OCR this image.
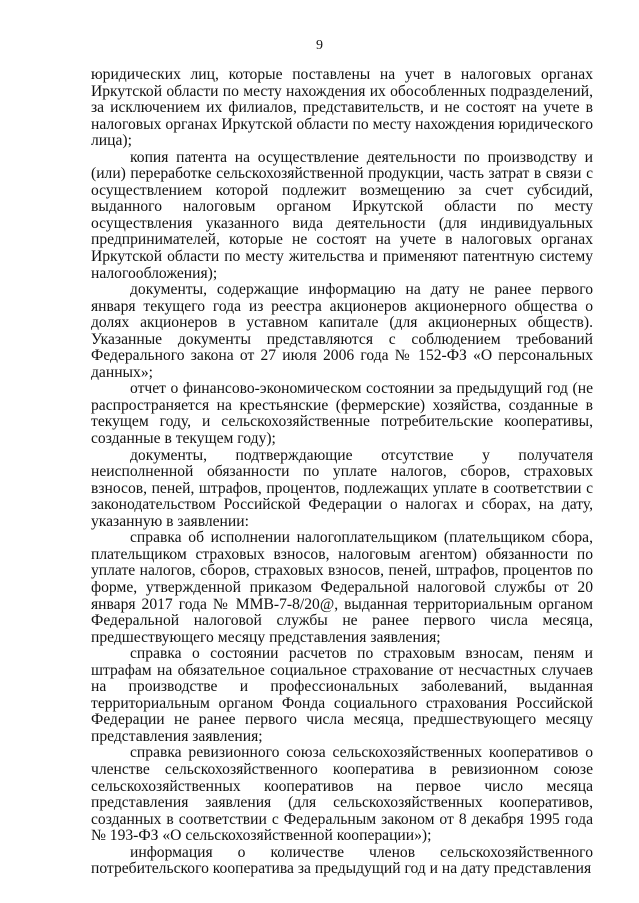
9

юридических лиц, которые поставлены на учет в налоговых органах Иркутской области по месту нахождения их обособленных подразделений, за исключением их филиалов, представительств, и не состоят на учете в налоговых органах Иркутской области по месту нахождения юридического лица);

копия патента на осуществление деятельности по производству и (или) переработке сельскохозяйственной продукции, часть затрат в связи с осуществлением которой подлежит возмещению за счет субсидий, выданного налоговым органом Иркутской области по месту осуществления указанного вида деятельности (для индивидуальных предпринимателей, которые не состоят на учете в налоговых органах Иркутской области по месту жительства и применяют патентную систему налогообложения);

документы, содержащие информацию на дату не ранее первого января текущего года из реестра акционеров акционерного общества о долях акционеров в уставном капитале (для акционерных обществ). Указанные документы представляются с соблюдением требований Федерального закона от 27 июля 2006 года № 152-ФЗ «О персональных данных»;

отчет о финансово-экономическом состоянии за предыдущий год (не распространяется на крестьянские (фермерские) хозяйства, созданные в текущем году, и сельскохозяйственные потребительские кооперативы, созданные в текущем году);

документы, подтверждающие отсутствие у получателя неисполненной обязанности по уплате налогов, сборов, страховых взносов, пеней, штрафов, процентов, подлежащих уплате в соответствии с законодательством Российской Федерации о налогах и сборах, на дату, указанную в заявлении:

справка об исполнении налогоплательщиком (плательщиком сбора, плательщиком страховых взносов, налоговым агентом) обязанности по уплате налогов, сборов, страховых взносов, пеней, штрафов, процентов по форме, утвержденной приказом Федеральной налоговой службы от 20 января 2017 года № ММВ-7-8/20@, выданная территориальным органом Федеральной налоговой службы не ранее первого числа месяца, предшествующего месяцу представления заявления;

справка о состоянии расчетов по страховым взносам, пеням и штрафам на обязательное социальное страхование от несчастных случаев на производстве и профессиональных заболеваний, выданная территориальным органом Фонда социального страхования Российской Федерации не ранее первого числа месяца, предшествующего месяцу представления заявления;

справка ревизионного союза сельскохозяйственных кооперативов о членстве сельскохозяйственного кооператива в ревизионном союзе сельскохозяйственных кооперативов на первое число месяца представления заявления (для сельскохозяйственных кооперативов, созданных в соответствии с Федеральным законом от 8 декабря 1995 года № 193-ФЗ «О сельскохозяйственной кооперации»);

информация о количестве членов сельскохозяйственного потребительского кооператива за предыдущий год и на дату представления
